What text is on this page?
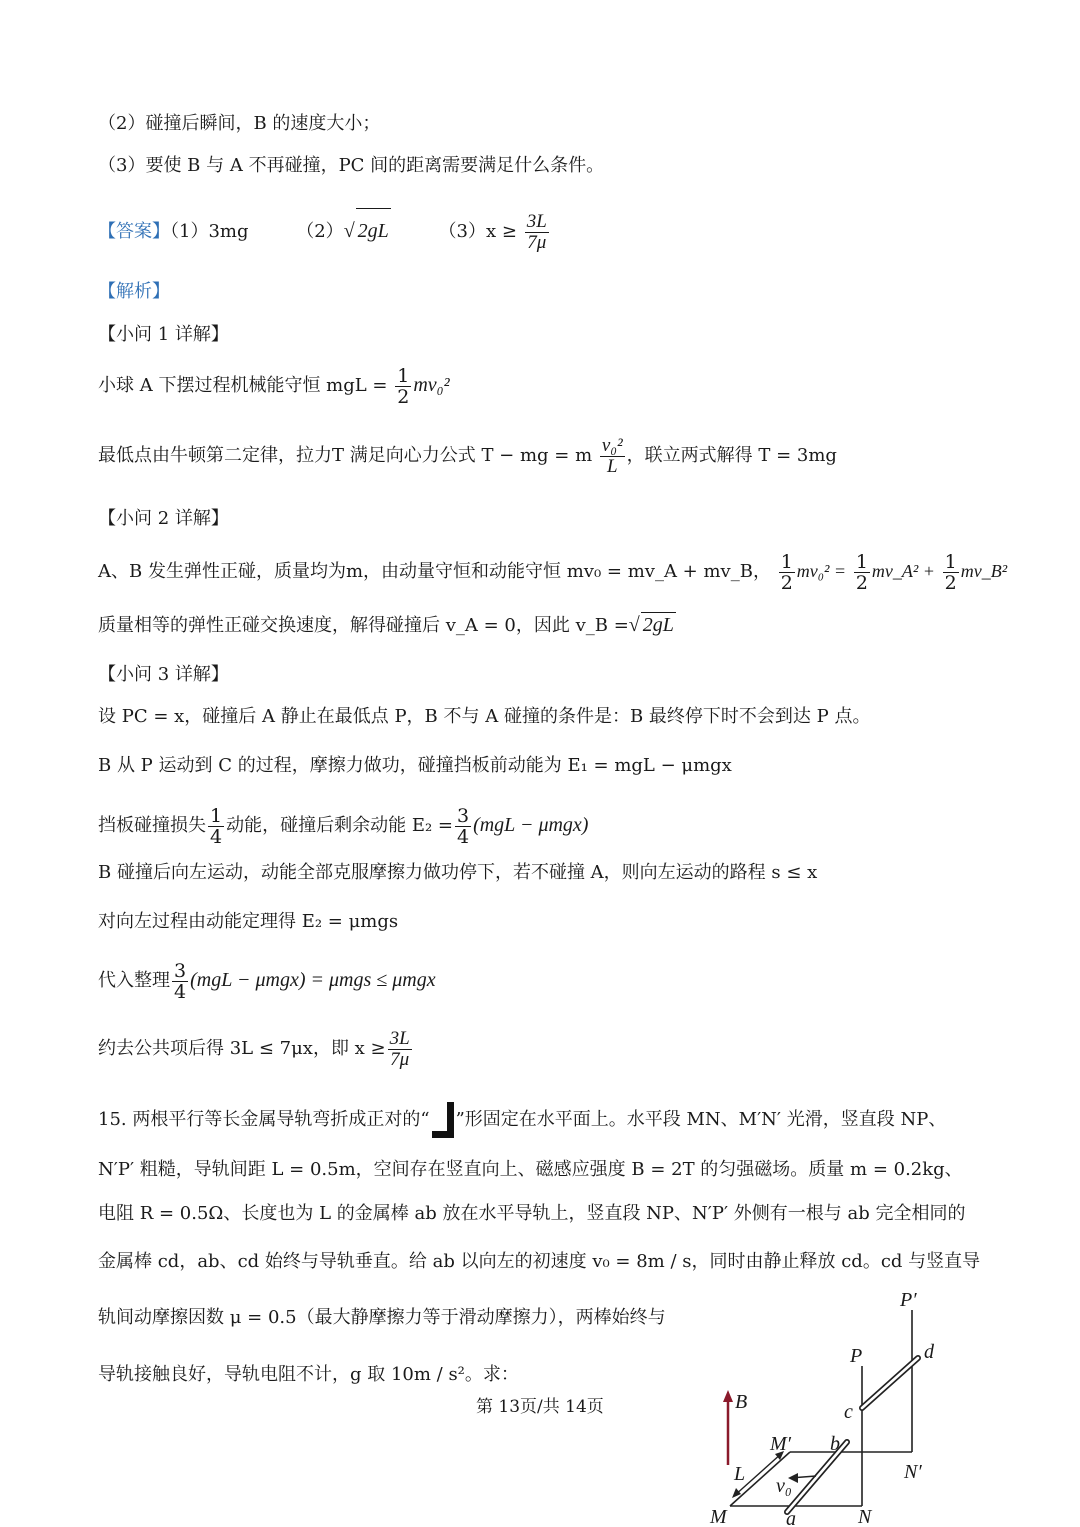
（2）碰撞后瞬间，B 的速度大小；
（3）要使 B 与 A 不再碰撞，PC 间的距离需要满足什么条件。
【答案】（1）3mg	（2）√ 2gL	$(3)x \ge \frac{3L}{7\mu}$
【解析】
【小问 1 详解】
小球 A 下摆过程机械能守恒 mgL = $\frac{1}{2} mv_0^2$
最低点由牛顿第二定律，拉力T 满足向心力公式 T − mg = m $\frac{\text{v₀²}}{L}$ ，联立两式解得 T = 3mg
【小问 2 详解】
A、B 发生弹性正碰，质量均为m，由动量守恒和动能守恒 mv₀ = mv_A + mv_B， $\frac{1}{2} mv_0^2 = \frac{1}{2}$ mv_A² + $\frac{1}{2}$ mv_B²
质量相等的弹性正碰交换速度，解得碰撞后 v_A = 0，因此 v_B =√ 2gL
【小问 3 详解】
设 PC = x，碰撞后 A 静止在最低点 P，B 不与 A 碰撞的条件是：B 最终停下时不会到达 P 点。
B 从 P 运动到 C 的过程，摩擦力做功，碰撞挡板前动能为 E₁ = mgL − μmgx
挡板碰撞损失 $\frac{1}{4}$ 动能，碰撞后剩余动能 $E_2 = \frac{3}{4} (mgL - \mu mgx)$
B 碰撞后向左运动，动能全部克服摩擦力做功停下，若不碰撞 A，则向左运动的路程 s ≤ x
对向左过程由动能定理得 E₂ = μmgs
代入整理 $\frac{3}{4} (mgL - \mu mgx) = \mu mgs \le \mu mgx$
约去公共项后得 3L ≤ 7μx，即 $x \ge \frac{3L}{7\mu}$
15. 两根平行等长金属导轨弯折成正对的“ ”形固定在水平面上。水平段 MN、M′N′ 光滑，竖直段 NP、
N′P′ 粗糙，导轨间距 L = 0.5m，空间存在竖直向上、磁感应强度 B = 2T 的匀强磁场。质量 m = 0.2kg、
电阻 R = 0.5Ω、长度也为 L 的金属棒 ab 放在水平导轨上，竖直段 NP、N′P′ 外侧有一根与 ab 完全相同的
金属棒 cd，ab、cd 始终与导轨垂直。给 ab 以向左的初速度 v₀ = 8m / s，同时由静止释放 cd。cd 与竖直导
轨间动摩擦因数 μ = 0.5（最大静摩擦力等于滑动摩擦力），两棒始终与
导轨接触良好，导轨电阻不计，g 取 10m / s²。求：
第 13页/共 14页	B
P′
P	d
c
M′ b
N′
L
v₀
M	a	N
